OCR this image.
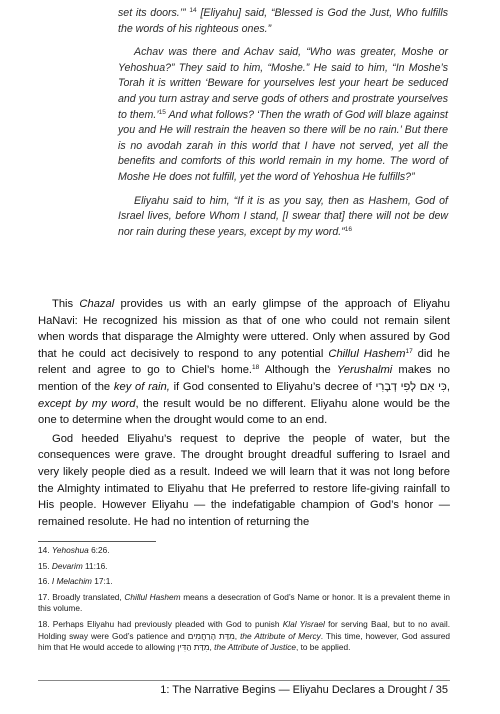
set its doors.’” $^{14}$ [Eliyahu] said, “Blessed is God the Just, Who fulfills the words of his righteous ones.”

Achav was there and Achav said, “Who was greater, Moshe or Yehoshua?” They said to him, “Moshe.” He said to him, “In Moshe’s Torah it is written ‘Beware for yourselves lest your heart be seduced and you turn astray and serve gods of others and prostrate yourselves to them.’$^{15}$ And what follows? ‘Then the wrath of God will blaze against you and He will restrain the heaven so there will be no rain.’ But there is no avodah zarah in this world that I have not served, yet all the benefits and comforts of this world remain in my home. The word of Moshe He does not fulfill, yet the word of Yehoshua He fulfills?”

Eliyahu said to him, “If it is as you say, then as Hashem, God of Israel lives, before Whom I stand, [I swear that] there will not be dew nor rain during these years, except by my word.”$^{16}$

This Chazal provides us with an early glimpse of the approach of Eliyahu HaNavi: He recognized his mission as that of one who could not remain silent when words that disparage the Almighty were uttered. Only when assured by God that he could act decisively to respond to any potential Chillul Hashem$^{17}$ did he relent and agree to go to Chiel’s home.$^{18}$ Although the Yerushalmi makes no mention of the key of rain, if God consented to Eliyahu’s decree of כִּי אִם לְפִי דְבָרִי, except by my word, the result would be no different. Eliyahu alone would be the one to determine when the drought would come to an end.

God heeded Eliyahu’s request to deprive the people of water, but the consequences were grave. The drought brought dreadful suffering to Israel and very likely people died as a result. Indeed we will learn that it was not long before the Almighty intimated to Eliyahu that He preferred to restore life-giving rainfall to His people. However Eliyahu — the indefatigable champion of God’s honor — remained resolute. He had no intention of returning the

14. Yehoshua 6:26.
15. Devarim 11:16.
16. I Melachim 17:1.
17. Broadly translated, Chillul Hashem means a desecration of God’s Name or honor. It is a prevalent theme in this volume.
18. Perhaps Eliyahu had previously pleaded with God to punish Klal Yisrael for serving Baal, but to no avail. Holding sway were God’s patience and מִדַּת הָרַחֲמִים, the Attribute of Mercy. This time, however, God assured him that He would accede to allowing מִדַּת הַדִּין, the Attribute of Justice, to be applied.
1: The Narrative Begins — Eliyahu Declares a Drought / 35
